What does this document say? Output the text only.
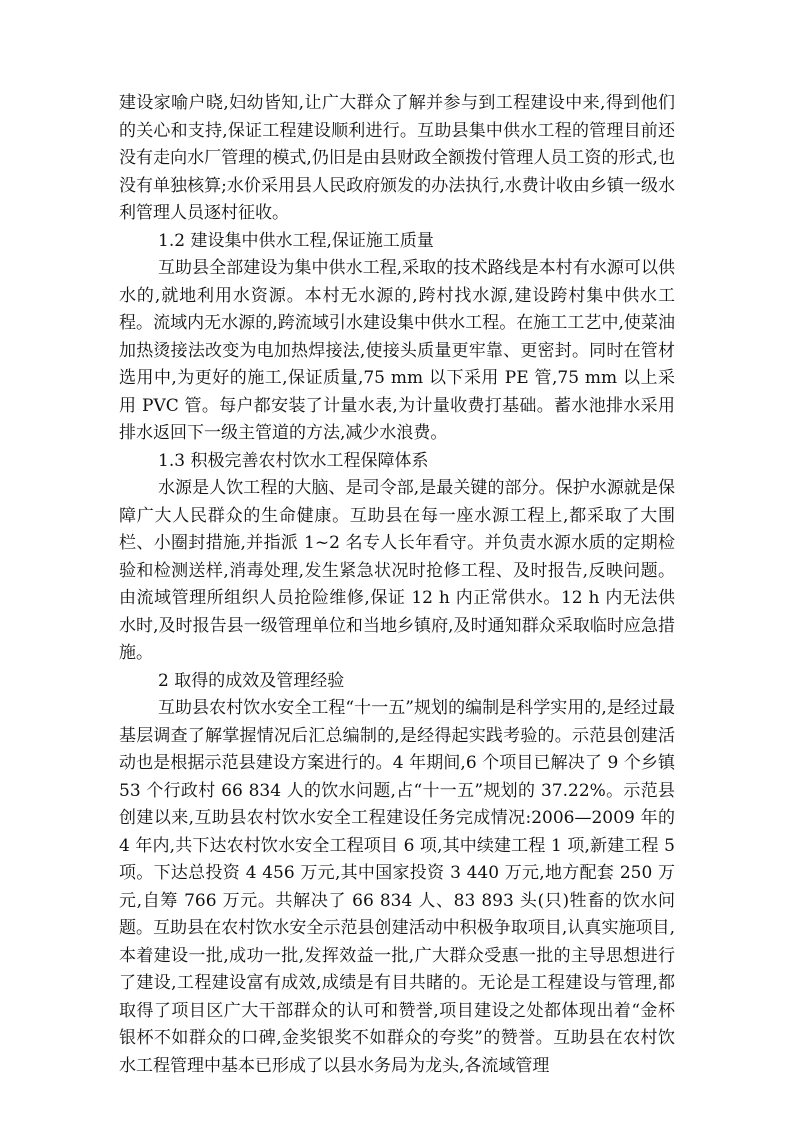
建设家喻户晓,妇幼皆知,让广大群众了解并参与到工程建设中来,得到他们的关心和支持,保证工程建设顺利进行。互助县集中供水工程的管理目前还没有走向水厂管理的模式,仍旧是由县财政全额拨付管理人员工资的形式,也没有单独核算;水价采用县人民政府颁发的办法执行,水费计收由乡镇一级水利管理人员逐村征收。

1.2 建设集中供水工程,保证施工质量

互助县全部建设为集中供水工程,采取的技术路线是本村有水源可以供水的,就地利用水资源。本村无水源的,跨村找水源,建设跨村集中供水工程。流域内无水源的,跨流域引水建设集中供水工程。在施工工艺中,使菜油加热烫接法改变为电加热焊接法,使接头质量更牢靠、更密封。同时在管材选用中,为更好的施工,保证质量,75 mm 以下采用 PE 管,75 mm 以上采用 PVC 管。每户都安装了计量水表,为计量收费打基础。蓄水池排水采用排水返回下一级主管道的方法,减少水浪费。

1.3 积极完善农村饮水工程保障体系

水源是人饮工程的大脑、是司令部,是最关键的部分。保护水源就是保障广大人民群众的生命健康。互助县在每一座水源工程上,都采取了大围栏、小圈封措施,并指派 1~2 名专人长年看守。并负责水源水质的定期检验和检测送样,消毒处理,发生紧急状况时抢修工程、及时报告,反映问题。由流域管理所组织人员抢险维修,保证 12 h 内正常供水。12 h 内无法供水时,及时报告县一级管理单位和当地乡镇府,及时通知群众采取临时应急措施。

2 取得的成效及管理经验

互助县农村饮水安全工程“十一五”规划的编制是科学实用的,是经过最基层调查了解掌握情况后汇总编制的,是经得起实践考验的。示范县创建活动也是根据示范县建设方案进行的。4 年期间,6 个项目已解决了 9 个乡镇 53 个行政村 66 834 人的饮水问题,占“十一五”规划的 37.22%。示范县创建以来,互助县农村饮水安全工程建设任务完成情况:2006—2009 年的 4 年内,共下达农村饮水安全工程项目 6 项,其中续建工程 1 项,新建工程 5 项。下达总投资 4 456 万元,其中国家投资 3 440 万元,地方配套 250 万元,自筹 766 万元。共解决了 66 834 人、83 893 头(只)牲畜的饮水问题。互助县在农村饮水安全示范县创建活动中积极争取项目,认真实施项目,本着建设一批,成功一批,发挥效益一批,广大群众受惠一批的主导思想进行了建设,工程建设富有成效,成绩是有目共睹的。无论是工程建设与管理,都取得了项目区广大干部群众的认可和赞誉,项目建设之处都体现出着“金杯银杯不如群众的口碑,金奖银奖不如群众的夸奖”的赞誉。互助县在农村饮水工程管理中基本已形成了以县水务局为龙头,各流域管理
